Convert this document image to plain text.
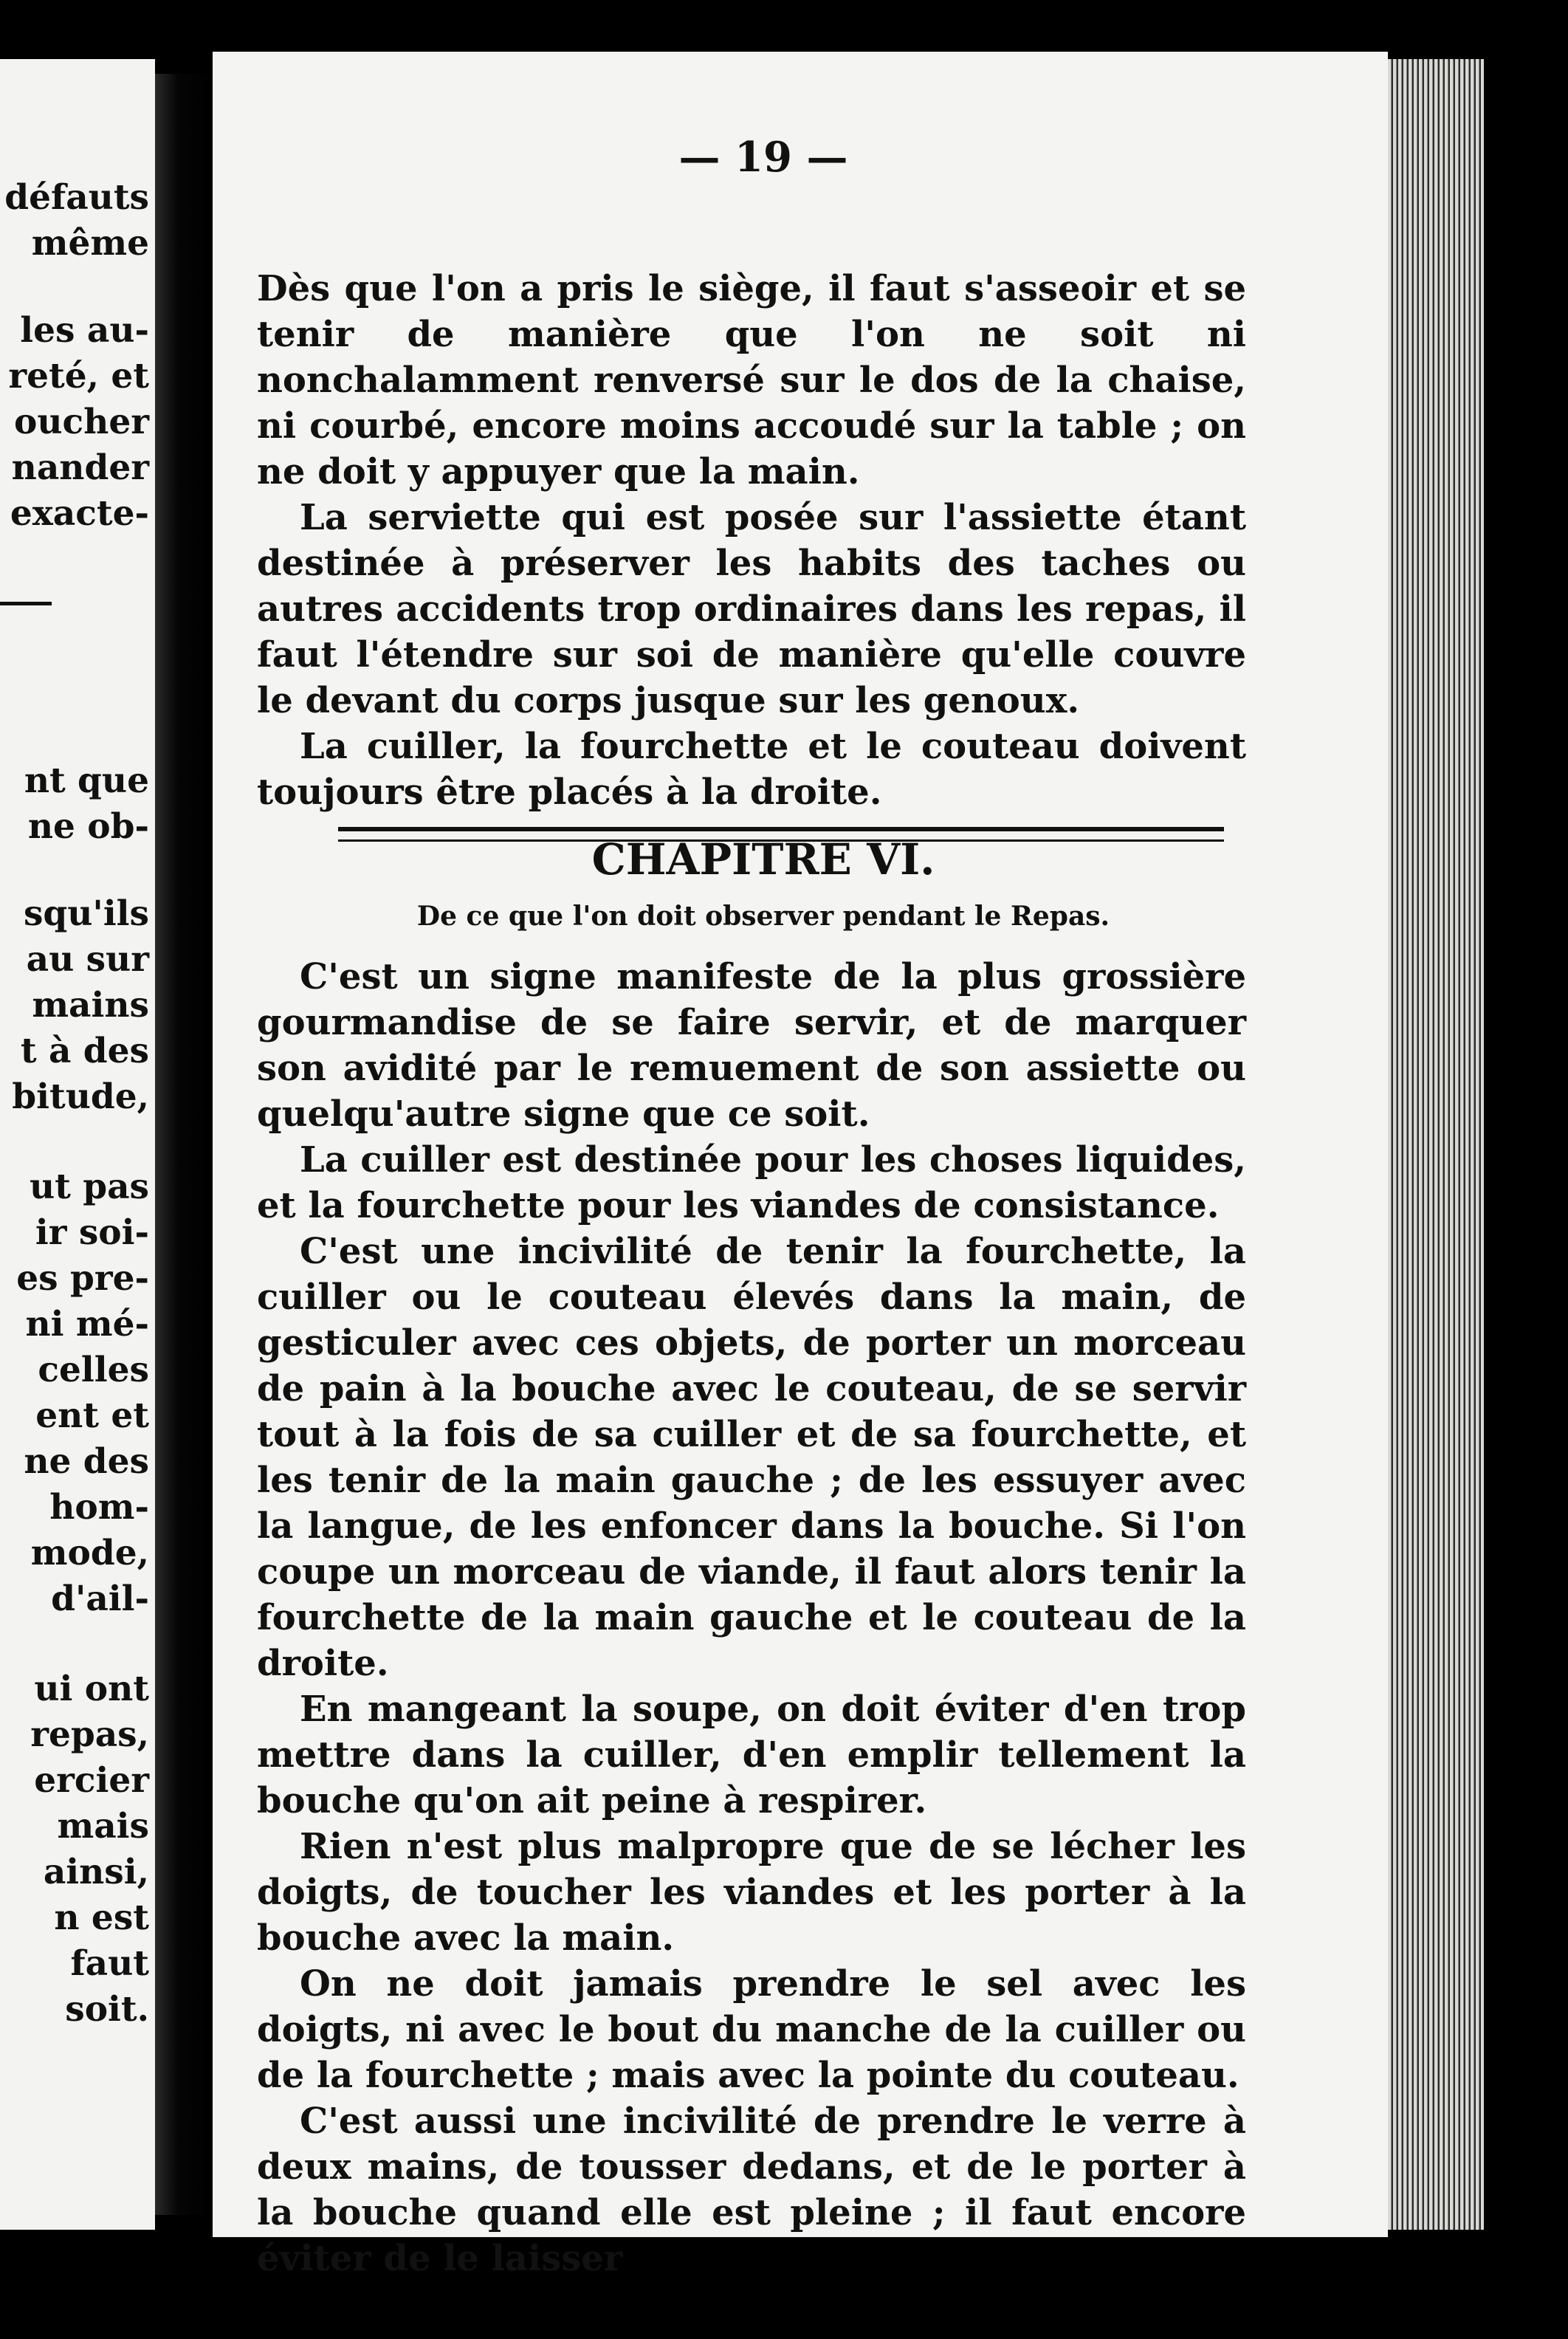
défauts
même
les au-
reté, et
oucher
nander
exacte-
nt que
ne ob-
squ'ils
au sur
mains
t à des
bitude,
ut pas
ir soi-
es pre-
ni mé-
celles
ent et
ne des
hom-
mode,
d'ail-
ui ont
repas,
ercier
mais
ainsi,
n est
faut
soit.
— 19 —

Dès que l'on a pris le siège, il faut s'asseoir et se tenir de manière que l'on ne soit ni nonchalamment renversé sur le dos de la chaise, ni courbé, encore moins accoudé sur la table ; on ne doit y appuyer que la main.

La serviette qui est posée sur l'assiette étant destinée à préserver les habits des taches ou autres accidents trop ordinaires dans les repas, il faut l'étendre sur soi de manière qu'elle couvre le devant du corps jusque sur les genoux.

La cuiller, la fourchette et le couteau doivent toujours être placés à la droite.

CHAPITRE VI.
De ce que l'on doit observer pendant le Repas.

C'est un signe manifeste de la plus grossière gourmandise de se faire servir, et de marquer son avidité par le remuement de son assiette ou quelqu'autre signe que ce soit.

La cuiller est destinée pour les choses liquides, et la fourchette pour les viandes de consistance.

C'est une incivilité de tenir la fourchette, la cuiller ou le couteau élevés dans la main, de gesticuler avec ces objets, de porter un morceau de pain à la bouche avec le couteau, de se servir tout à la fois de sa cuiller et de sa fourchette, et les tenir de la main gauche ; de les essuyer avec la langue, de les enfoncer dans la bouche. Si l'on coupe un morceau de viande, il faut alors tenir la fourchette de la main gauche et le couteau de la droite.

En mangeant la soupe, on doit éviter d'en trop mettre dans la cuiller, d'en emplir tellement la bouche qu'on ait peine à respirer.

Rien n'est plus malpropre que de se lécher les doigts, de toucher les viandes et les porter à la bouche avec la main.

On ne doit jamais prendre le sel avec les doigts, ni avec le bout du manche de la cuiller ou de la fourchette ; mais avec la pointe du couteau.

C'est aussi une incivilité de prendre le verre à deux mains, de tousser dedans, et de le porter à la bouche quand elle est pleine ; il faut encore éviter de le laisser
